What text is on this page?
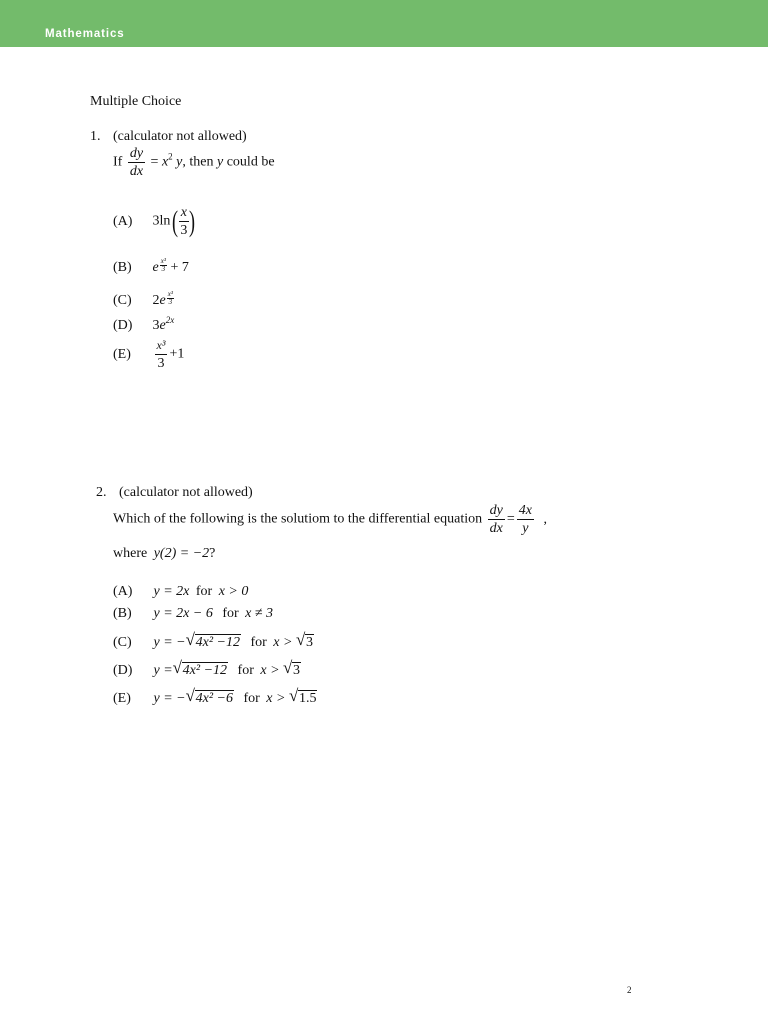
Mathematics
Multiple Choice
1. (calculator not allowed)
If $\frac{dy}{dx} = x^2$ y, then y could be
(A) $3\ln( \frac{x}{3}$ )
(B) e $\frac{\text{x³}}{3} + 7$
(C) $2e \frac{\text{x³}}{3}$
(D) $3e^{2x}$
$(E) \frac{\text{x³}}{3} +1$
2. (calculator not allowed)
Which of the following is the solutiom to the differential equation $\frac{dy}{dx} = \frac{4x}{y}$ ,
where y(2) = −2?
(A) y = 2x for x > 0
(B) y = 2x − 6 for x ≠ 3
(C) y = − √ 4x² −12 for x > √ 3
(D) y = √ 4x² −12 for x > √ 3
(E) y = − √ 4x² −6 for x > √ 1.5
2
